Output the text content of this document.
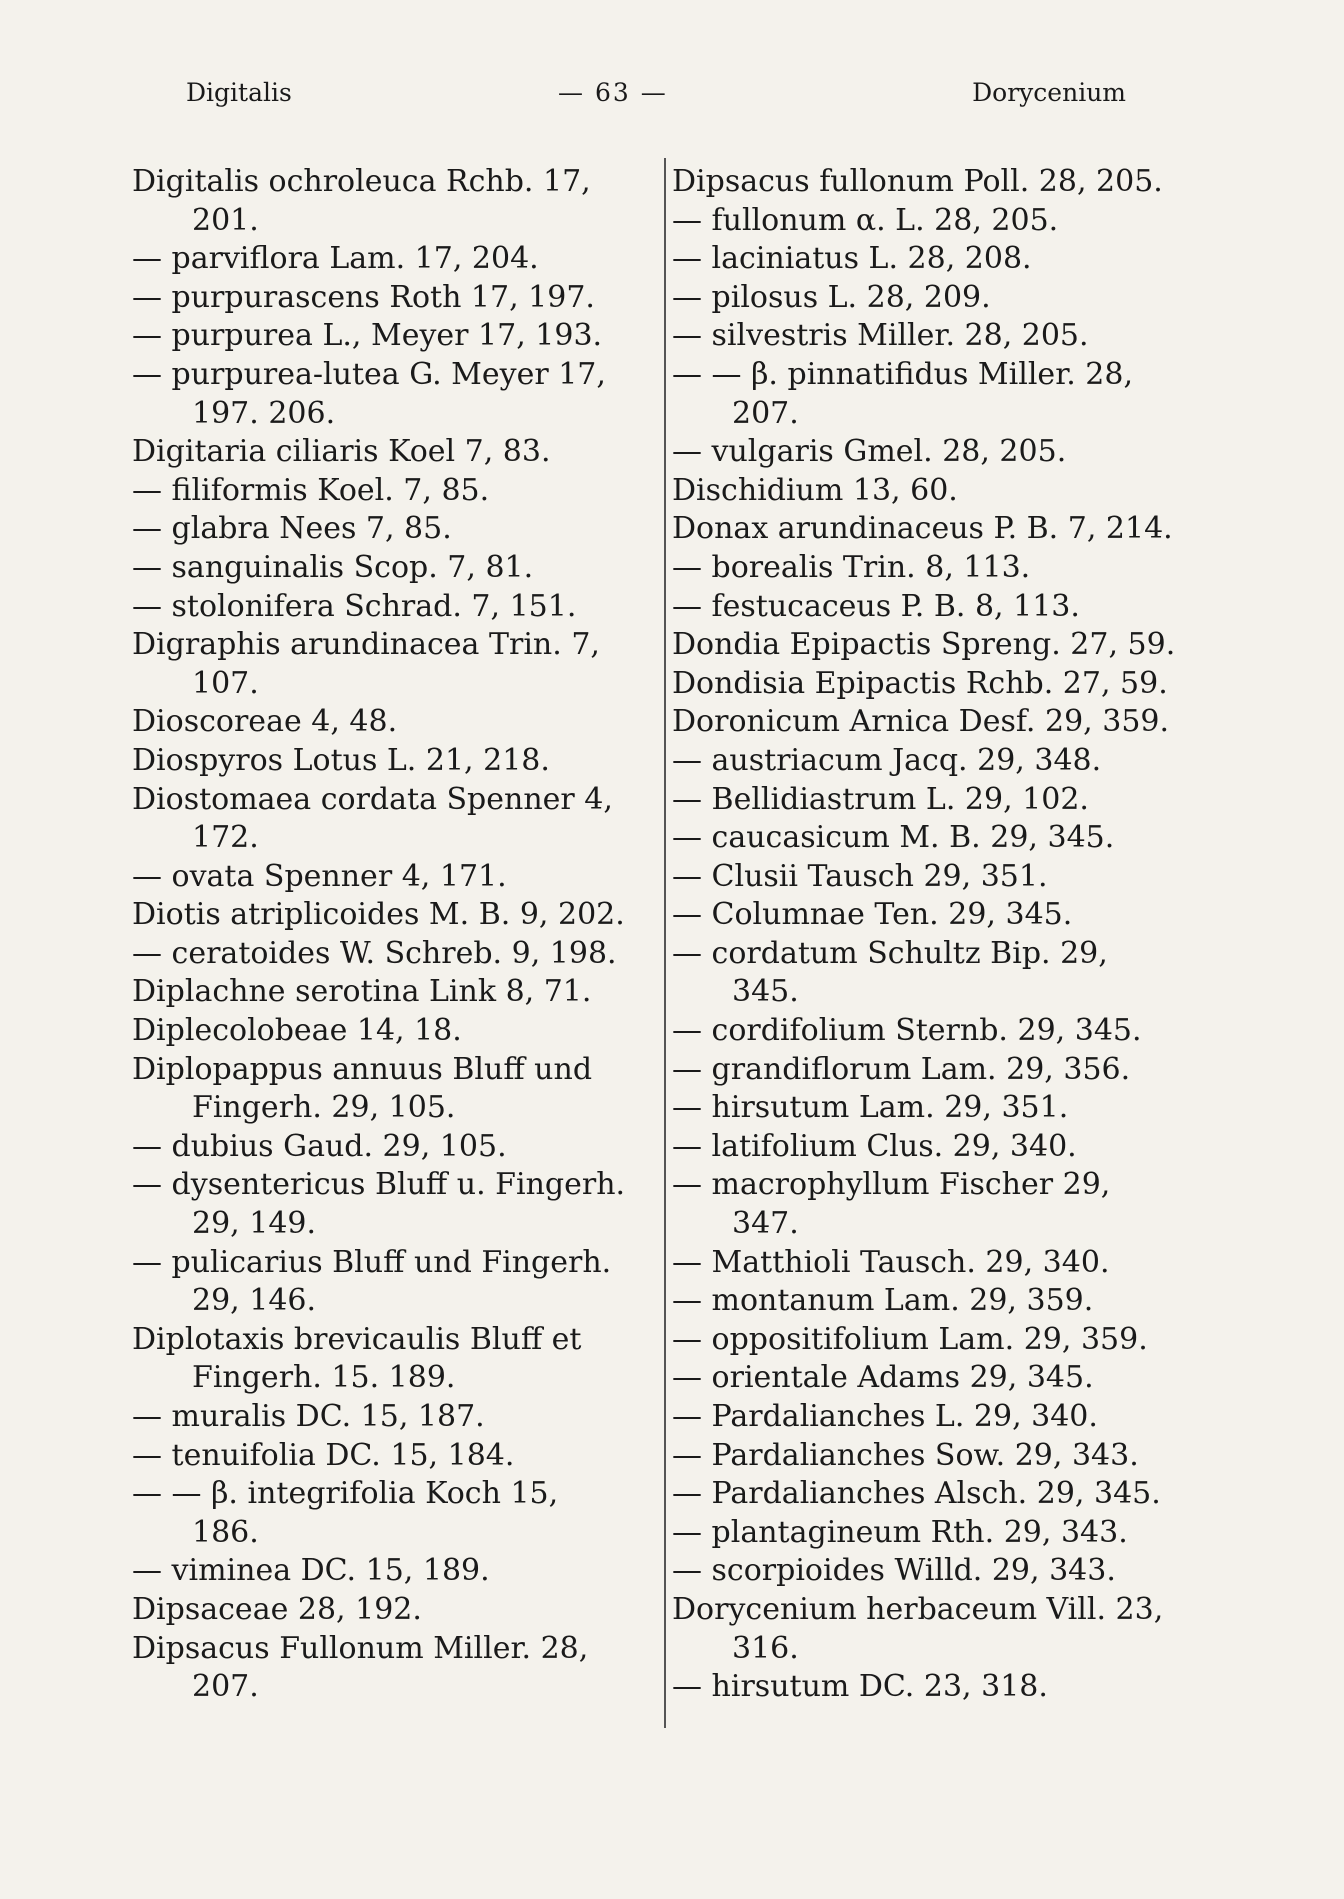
Digitalis	— 63 —	Dorycenium
Digitalis ochroleuca Rchb. 17,
201.
— parviflora Lam. 17, 204.
— purpurascens Roth 17, 197.
— purpurea L., Meyer 17, 193.
— purpurea-lutea G. Meyer 17,
197. 206.
Digitaria ciliaris Koel 7, 83.
— filiformis Koel. 7, 85.
— glabra Nees 7, 85.
— sanguinalis Scop. 7, 81.
— stolonifera Schrad. 7, 151.
Digraphis arundinacea Trin. 7,
107.
Dioscoreae 4, 48.
Diospyros Lotus L. 21, 218.
Diostomaea cordata Spenner 4,
172.
— ovata Spenner 4, 171.
Diotis atriplicoides M. B. 9, 202.
— ceratoides W. Schreb. 9, 198.
Diplachne serotina Link 8, 71.
Diplecolobeae 14, 18.
Diplopappus annuus Bluff und
Fingerh. 29, 105.
— dubius Gaud. 29, 105.
— dysentericus Bluff u. Fingerh.
29, 149.
— pulicarius Bluff und Fingerh.
29, 146.
Diplotaxis brevicaulis Bluff et
Fingerh. 15. 189.
— muralis DC. 15, 187.
— tenuifolia DC. 15, 184.
— — β. integrifolia Koch 15,
186.
— viminea DC. 15, 189.
Dipsaceae 28, 192.
Dipsacus Fullonum Miller. 28,
207.
Dipsacus fullonum Poll. 28, 205.
— fullonum α. L. 28, 205.
— laciniatus L. 28, 208.
— pilosus L. 28, 209.
— silvestris Miller. 28, 205.
— — β. pinnatifidus Miller. 28,
207.
— vulgaris Gmel. 28, 205.
Dischidium 13, 60.
Donax arundinaceus P. B. 7, 214.
— borealis Trin. 8, 113.
— festucaceus P. B. 8, 113.
Dondia Epipactis Spreng. 27, 59.
Dondisia Epipactis Rchb. 27, 59.
Doronicum Arnica Desf. 29, 359.
— austriacum Jacq. 29, 348.
— Bellidiastrum L. 29, 102.
— caucasicum M. B. 29, 345.
— Clusii Tausch 29, 351.
— Columnae Ten. 29, 345.
— cordatum Schultz Bip. 29,
345.
— cordifolium Sternb. 29, 345.
— grandiflorum Lam. 29, 356.
— hirsutum Lam. 29, 351.
— latifolium Clus. 29, 340.
— macrophyllum Fischer 29,
347.
— Matthioli Tausch. 29, 340.
— montanum Lam. 29, 359.
— oppositifolium Lam. 29, 359.
— orientale Adams 29, 345.
— Pardalianches L. 29, 340.
— Pardalianches Sow. 29, 343.
— Pardalianches Alsch. 29, 345.
— plantagineum Rth. 29, 343.
— scorpioides Willd. 29, 343.
Dorycenium herbaceum Vill. 23,
316.
— hirsutum DC. 23, 318.
